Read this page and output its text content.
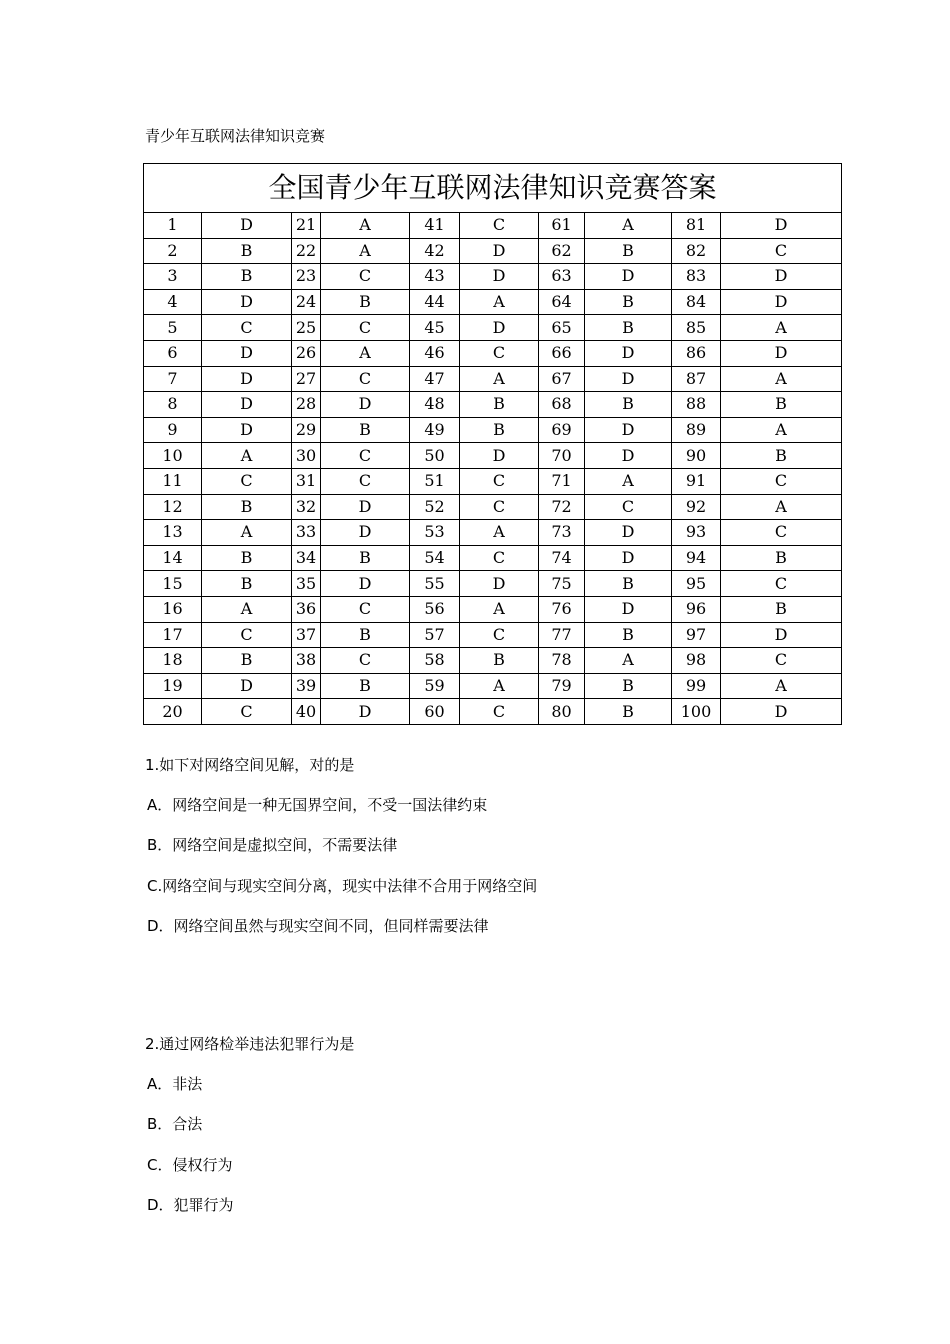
青少年互联网法律知识竞赛
全国青少年互联网法律知识竞赛答案									
1	D	21	A	41	C	61	A	81	D
2	B	22	A	42	D	62	B	82	C
3	B	23	C	43	D	63	D	83	D
4	D	24	B	44	A	64	B	84	D
5	C	25	C	45	D	65	B	85	A
6	D	26	A	46	C	66	D	86	D
7	D	27	C	47	A	67	D	87	A
8	D	28	D	48	B	68	B	88	B
9	D	29	B	49	B	69	D	89	A
10	A	30	C	50	D	70	D	90	B
11	C	31	C	51	C	71	A	91	C
12	B	32	D	52	C	72	C	92	A
13	A	33	D	53	A	73	D	93	C
14	B	34	B	54	C	74	D	94	B
15	B	35	D	55	D	75	B	95	C
16	A	36	C	56	A	76	D	96	B
17	C	37	B	57	C	77	B	97	D
18	B	38	C	58	B	78	A	98	C
19	D	39	B	59	A	79	B	99	A
20	C	40	D	60	C	80	B	100	D
1.如下对网络空间见解，对的是
A．网络空间是一种无国界空间，不受一国法律约束
B．网络空间是虚拟空间，不需要法律
C.网络空间与现实空间分离，现实中法律不合用于网络空间
D．网络空间虽然与现实空间不同，但同样需要法律
2.通过网络检举违法犯罪行为是
A．非法
B．合法
C．侵权行为
D．犯罪行为
